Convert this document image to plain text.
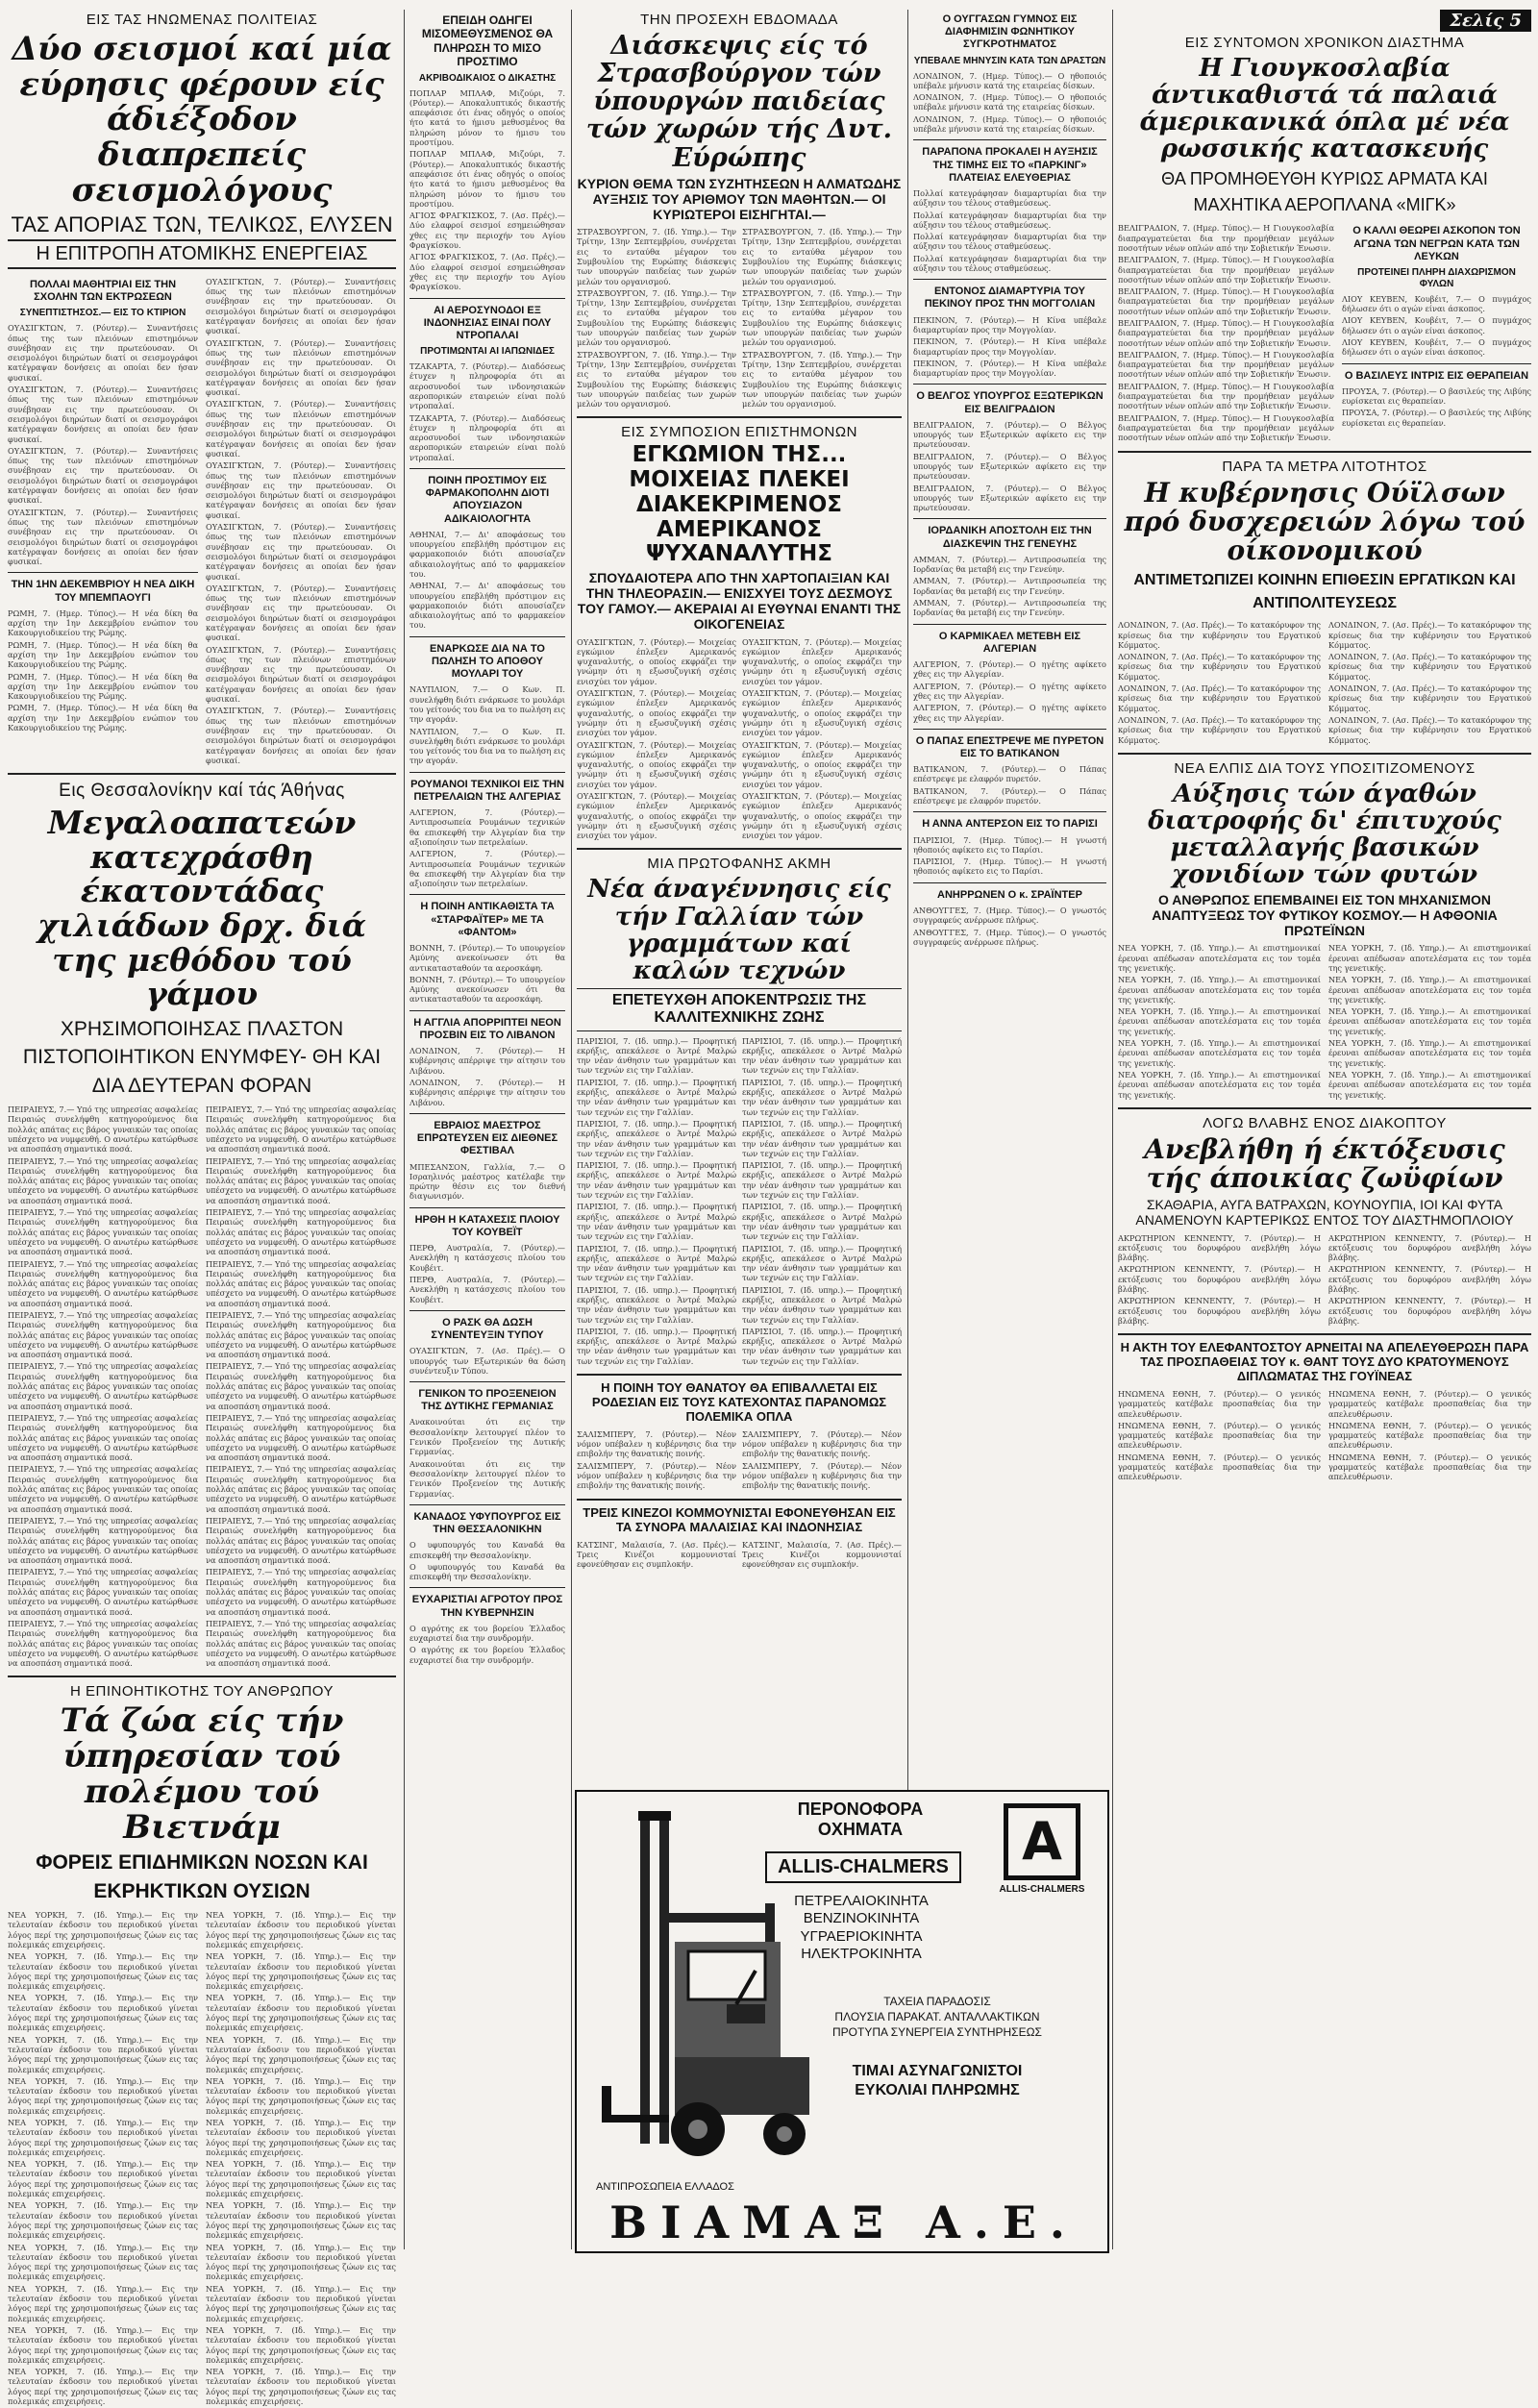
ΕΙΣ ΤΑΣ ΗΝΩΜΕΝΑΣ ΠΟΛΙΤΕΙΑΣ
Δύο σεισμοί καί μία εύρησις φέρουν είς άδιέξοδον διαπρεπείς σεισμολόγους
ΤΑΣ ΑΠΟΡΙΑΣ ΤΩΝ, ΤΕΛΙΚΩΣ, ΕΛΥΣΕΝ
Η ΕΠΙΤΡΟΠΗ ΑΤΟΜΙΚΗΣ ΕΝΕΡΓΕΙΑΣ
ΠΟΛΛΑΙ ΜΑΘΗΤΡΙΑΙ ΕΙΣ ΤΗΝ ΣΧΟΛΗΝ ΤΩΝ ΕΚΤΡΩΣΕΩΝ
ΣΥΝΕΠΤΙΣΤΗΣΟΣ.— ΕΙΣ ΤΟ ΚΤΙΡΙΟΝ
ΟΥΑΣΙΓΚΤΩΝ, 7. (Ρόυτερ).— Συναντήσεις όπως της των πλειόνων επιστημόνων συνέβησαν εις την πρωτεύουσαν. Οι σεισμολόγοι διηρώτων διατί οι σεισμογράφοι κατέγραψαν δονήσεις αι οποίαι δεν ήσαν φυσικαί.
ΟΥΑΣΙΓΚΤΩΝ, 7. (Ρόυτερ).— Συναντήσεις όπως της των πλειόνων επιστημόνων συνέβησαν εις την πρωτεύουσαν. Οι σεισμολόγοι διηρώτων διατί οι σεισμογράφοι κατέγραψαν δονήσεις αι οποίαι δεν ήσαν φυσικαί.
ΟΥΑΣΙΓΚΤΩΝ, 7. (Ρόυτερ).— Συναντήσεις όπως της των πλειόνων επιστημόνων συνέβησαν εις την πρωτεύουσαν. Οι σεισμολόγοι διηρώτων διατί οι σεισμογράφοι κατέγραψαν δονήσεις αι οποίαι δεν ήσαν φυσικαί.
ΟΥΑΣΙΓΚΤΩΝ, 7. (Ρόυτερ).— Συναντήσεις όπως της των πλειόνων επιστημόνων συνέβησαν εις την πρωτεύουσαν. Οι σεισμολόγοι διηρώτων διατί οι σεισμογράφοι κατέγραψαν δονήσεις αι οποίαι δεν ήσαν φυσικαί.
ΤΗΝ 1ΗΝ ΔΕΚΕΜΒΡΙΟΥ Η ΝΕΑ ΔΙΚΗ ΤΟΥ ΜΠΕΜΠΑΟΥΓΙ
ΡΩΜΗ, 7. (Ημερ. Τύπος).— Η νέα δίκη θα αρχίση την 1ην Δεκεμβρίου ενώπιον του Κακουργιοδικείου της Ρώμης.
ΡΩΜΗ, 7. (Ημερ. Τύπος).— Η νέα δίκη θα αρχίση την 1ην Δεκεμβρίου ενώπιον του Κακουργιοδικείου της Ρώμης.
ΡΩΜΗ, 7. (Ημερ. Τύπος).— Η νέα δίκη θα αρχίση την 1ην Δεκεμβρίου ενώπιον του Κακουργιοδικείου της Ρώμης.
ΡΩΜΗ, 7. (Ημερ. Τύπος).— Η νέα δίκη θα αρχίση την 1ην Δεκεμβρίου ενώπιον του Κακουργιοδικείου της Ρώμης.
ΟΥΑΣΙΓΚΤΩΝ, 7. (Ρόυτερ).— Συναντήσεις όπως της των πλειόνων επιστημόνων συνέβησαν εις την πρωτεύουσαν. Οι σεισμολόγοι διηρώτων διατί οι σεισμογράφοι κατέγραψαν δονήσεις αι οποίαι δεν ήσαν φυσικαί.
ΟΥΑΣΙΓΚΤΩΝ, 7. (Ρόυτερ).— Συναντήσεις όπως της των πλειόνων επιστημόνων συνέβησαν εις την πρωτεύουσαν. Οι σεισμολόγοι διηρώτων διατί οι σεισμογράφοι κατέγραψαν δονήσεις αι οποίαι δεν ήσαν φυσικαί.
ΟΥΑΣΙΓΚΤΩΝ, 7. (Ρόυτερ).— Συναντήσεις όπως της των πλειόνων επιστημόνων συνέβησαν εις την πρωτεύουσαν. Οι σεισμολόγοι διηρώτων διατί οι σεισμογράφοι κατέγραψαν δονήσεις αι οποίαι δεν ήσαν φυσικαί.
ΟΥΑΣΙΓΚΤΩΝ, 7. (Ρόυτερ).— Συναντήσεις όπως της των πλειόνων επιστημόνων συνέβησαν εις την πρωτεύουσαν. Οι σεισμολόγοι διηρώτων διατί οι σεισμογράφοι κατέγραψαν δονήσεις αι οποίαι δεν ήσαν φυσικαί.
ΟΥΑΣΙΓΚΤΩΝ, 7. (Ρόυτερ).— Συναντήσεις όπως της των πλειόνων επιστημόνων συνέβησαν εις την πρωτεύουσαν. Οι σεισμολόγοι διηρώτων διατί οι σεισμογράφοι κατέγραψαν δονήσεις αι οποίαι δεν ήσαν φυσικαί.
ΟΥΑΣΙΓΚΤΩΝ, 7. (Ρόυτερ).— Συναντήσεις όπως της των πλειόνων επιστημόνων συνέβησαν εις την πρωτεύουσαν. Οι σεισμολόγοι διηρώτων διατί οι σεισμογράφοι κατέγραψαν δονήσεις αι οποίαι δεν ήσαν φυσικαί.
ΟΥΑΣΙΓΚΤΩΝ, 7. (Ρόυτερ).— Συναντήσεις όπως της των πλειόνων επιστημόνων συνέβησαν εις την πρωτεύουσαν. Οι σεισμολόγοι διηρώτων διατί οι σεισμογράφοι κατέγραψαν δονήσεις αι οποίαι δεν ήσαν φυσικαί.
ΟΥΑΣΙΓΚΤΩΝ, 7. (Ρόυτερ).— Συναντήσεις όπως της των πλειόνων επιστημόνων συνέβησαν εις την πρωτεύουσαν. Οι σεισμολόγοι διηρώτων διατί οι σεισμογράφοι κατέγραψαν δονήσεις αι οποίαι δεν ήσαν φυσικαί.
Εις Θεσσαλονίκην καί τάς Άθήνας
Μεγαλοαπατεών κατεχράσθη έκατοντάδας χιλιάδων δρχ. διά της μεθόδου τού γάμου
ΧΡΗΣΙΜΟΠΟΙΗΣΑΣ ΠΛΑΣΤΟΝ ΠΙΣΤΟΠΟΙΗΤΙΚΟΝ ΕΝΥΜΦΕΥ- ΘΗ ΚΑΙ ΔΙΑ ΔΕΥΤΕΡΑΝ ΦΟΡΑΝ
ΠΕΙΡΑΙΕΥΣ, 7.— Υπό της υπηρεσίας ασφαλείας Πειραιώς συνελήφθη κατηγορούμενος δια πολλάς απάτας εις βάρος γυναικών τας οποίας υπέσχετο να νυμφευθή. Ο ανωτέρω κατώρθωσε να αποσπάση σημαντικά ποσά.
ΠΕΙΡΑΙΕΥΣ, 7.— Υπό της υπηρεσίας ασφαλείας Πειραιώς συνελήφθη κατηγορούμενος δια πολλάς απάτας εις βάρος γυναικών τας οποίας υπέσχετο να νυμφευθή. Ο ανωτέρω κατώρθωσε να αποσπάση σημαντικά ποσά.
ΠΕΙΡΑΙΕΥΣ, 7.— Υπό της υπηρεσίας ασφαλείας Πειραιώς συνελήφθη κατηγορούμενος δια πολλάς απάτας εις βάρος γυναικών τας οποίας υπέσχετο να νυμφευθή. Ο ανωτέρω κατώρθωσε να αποσπάση σημαντικά ποσά.
ΠΕΙΡΑΙΕΥΣ, 7.— Υπό της υπηρεσίας ασφαλείας Πειραιώς συνελήφθη κατηγορούμενος δια πολλάς απάτας εις βάρος γυναικών τας οποίας υπέσχετο να νυμφευθή. Ο ανωτέρω κατώρθωσε να αποσπάση σημαντικά ποσά.
ΠΕΙΡΑΙΕΥΣ, 7.— Υπό της υπηρεσίας ασφαλείας Πειραιώς συνελήφθη κατηγορούμενος δια πολλάς απάτας εις βάρος γυναικών τας οποίας υπέσχετο να νυμφευθή. Ο ανωτέρω κατώρθωσε να αποσπάση σημαντικά ποσά.
ΠΕΙΡΑΙΕΥΣ, 7.— Υπό της υπηρεσίας ασφαλείας Πειραιώς συνελήφθη κατηγορούμενος δια πολλάς απάτας εις βάρος γυναικών τας οποίας υπέσχετο να νυμφευθή. Ο ανωτέρω κατώρθωσε να αποσπάση σημαντικά ποσά.
ΠΕΙΡΑΙΕΥΣ, 7.— Υπό της υπηρεσίας ασφαλείας Πειραιώς συνελήφθη κατηγορούμενος δια πολλάς απάτας εις βάρος γυναικών τας οποίας υπέσχετο να νυμφευθή. Ο ανωτέρω κατώρθωσε να αποσπάση σημαντικά ποσά.
ΠΕΙΡΑΙΕΥΣ, 7.— Υπό της υπηρεσίας ασφαλείας Πειραιώς συνελήφθη κατηγορούμενος δια πολλάς απάτας εις βάρος γυναικών τας οποίας υπέσχετο να νυμφευθή. Ο ανωτέρω κατώρθωσε να αποσπάση σημαντικά ποσά.
ΠΕΙΡΑΙΕΥΣ, 7.— Υπό της υπηρεσίας ασφαλείας Πειραιώς συνελήφθη κατηγορούμενος δια πολλάς απάτας εις βάρος γυναικών τας οποίας υπέσχετο να νυμφευθή. Ο ανωτέρω κατώρθωσε να αποσπάση σημαντικά ποσά.
ΠΕΙΡΑΙΕΥΣ, 7.— Υπό της υπηρεσίας ασφαλείας Πειραιώς συνελήφθη κατηγορούμενος δια πολλάς απάτας εις βάρος γυναικών τας οποίας υπέσχετο να νυμφευθή. Ο ανωτέρω κατώρθωσε να αποσπάση σημαντικά ποσά.
ΠΕΙΡΑΙΕΥΣ, 7.— Υπό της υπηρεσίας ασφαλείας Πειραιώς συνελήφθη κατηγορούμενος δια πολλάς απάτας εις βάρος γυναικών τας οποίας υπέσχετο να νυμφευθή. Ο ανωτέρω κατώρθωσε να αποσπάση σημαντικά ποσά.
ΠΕΙΡΑΙΕΥΣ, 7.— Υπό της υπηρεσίας ασφαλείας Πειραιώς συνελήφθη κατηγορούμενος δια πολλάς απάτας εις βάρος γυναικών τας οποίας υπέσχετο να νυμφευθή. Ο ανωτέρω κατώρθωσε να αποσπάση σημαντικά ποσά.
ΠΕΙΡΑΙΕΥΣ, 7.— Υπό της υπηρεσίας ασφαλείας Πειραιώς συνελήφθη κατηγορούμενος δια πολλάς απάτας εις βάρος γυναικών τας οποίας υπέσχετο να νυμφευθή. Ο ανωτέρω κατώρθωσε να αποσπάση σημαντικά ποσά.
ΠΕΙΡΑΙΕΥΣ, 7.— Υπό της υπηρεσίας ασφαλείας Πειραιώς συνελήφθη κατηγορούμενος δια πολλάς απάτας εις βάρος γυναικών τας οποίας υπέσχετο να νυμφευθή. Ο ανωτέρω κατώρθωσε να αποσπάση σημαντικά ποσά.
ΠΕΙΡΑΙΕΥΣ, 7.— Υπό της υπηρεσίας ασφαλείας Πειραιώς συνελήφθη κατηγορούμενος δια πολλάς απάτας εις βάρος γυναικών τας οποίας υπέσχετο να νυμφευθή. Ο ανωτέρω κατώρθωσε να αποσπάση σημαντικά ποσά.
ΠΕΙΡΑΙΕΥΣ, 7.— Υπό της υπηρεσίας ασφαλείας Πειραιώς συνελήφθη κατηγορούμενος δια πολλάς απάτας εις βάρος γυναικών τας οποίας υπέσχετο να νυμφευθή. Ο ανωτέρω κατώρθωσε να αποσπάση σημαντικά ποσά.
ΠΕΙΡΑΙΕΥΣ, 7.— Υπό της υπηρεσίας ασφαλείας Πειραιώς συνελήφθη κατηγορούμενος δια πολλάς απάτας εις βάρος γυναικών τας οποίας υπέσχετο να νυμφευθή. Ο ανωτέρω κατώρθωσε να αποσπάση σημαντικά ποσά.
ΠΕΙΡΑΙΕΥΣ, 7.— Υπό της υπηρεσίας ασφαλείας Πειραιώς συνελήφθη κατηγορούμενος δια πολλάς απάτας εις βάρος γυναικών τας οποίας υπέσχετο να νυμφευθή. Ο ανωτέρω κατώρθωσε να αποσπάση σημαντικά ποσά.
ΠΕΙΡΑΙΕΥΣ, 7.— Υπό της υπηρεσίας ασφαλείας Πειραιώς συνελήφθη κατηγορούμενος δια πολλάς απάτας εις βάρος γυναικών τας οποίας υπέσχετο να νυμφευθή. Ο ανωτέρω κατώρθωσε να αποσπάση σημαντικά ποσά.
ΠΕΙΡΑΙΕΥΣ, 7.— Υπό της υπηρεσίας ασφαλείας Πειραιώς συνελήφθη κατηγορούμενος δια πολλάς απάτας εις βάρος γυναικών τας οποίας υπέσχετο να νυμφευθή. Ο ανωτέρω κατώρθωσε να αποσπάση σημαντικά ποσά.
ΠΕΙΡΑΙΕΥΣ, 7.— Υπό της υπηρεσίας ασφαλείας Πειραιώς συνελήφθη κατηγορούμενος δια πολλάς απάτας εις βάρος γυναικών τας οποίας υπέσχετο να νυμφευθή. Ο ανωτέρω κατώρθωσε να αποσπάση σημαντικά ποσά.
ΠΕΙΡΑΙΕΥΣ, 7.— Υπό της υπηρεσίας ασφαλείας Πειραιώς συνελήφθη κατηγορούμενος δια πολλάς απάτας εις βάρος γυναικών τας οποίας υπέσχετο να νυμφευθή. Ο ανωτέρω κατώρθωσε να αποσπάση σημαντικά ποσά.
Η ΕΠΙΝΟΗΤΙΚΟΤΗΣ ΤΟΥ ΑΝΘΡΩΠΟΥ
Τά ζώα είς τήν ύπηρεσίαν τού πολέμου τού Βιετνάμ
ΦΟΡΕΙΣ ΕΠΙΔΗΜΙΚΩΝ ΝΟΣΩΝ ΚΑΙ ΕΚΡΗΚΤΙΚΩΝ ΟΥΣΙΩΝ
ΝΕΑ ΥΟΡΚΗ, 7. (Ιδ. Υπηρ.).— Εις την τελευταίαν έκδοσιν του περιοδικού γίνεται λόγος περί της χρησιμοποιήσεως ζώων εις τας πολεμικάς επιχειρήσεις.
ΝΕΑ ΥΟΡΚΗ, 7. (Ιδ. Υπηρ.).— Εις την τελευταίαν έκδοσιν του περιοδικού γίνεται λόγος περί της χρησιμοποιήσεως ζώων εις τας πολεμικάς επιχειρήσεις.
ΝΕΑ ΥΟΡΚΗ, 7. (Ιδ. Υπηρ.).— Εις την τελευταίαν έκδοσιν του περιοδικού γίνεται λόγος περί της χρησιμοποιήσεως ζώων εις τας πολεμικάς επιχειρήσεις.
ΝΕΑ ΥΟΡΚΗ, 7. (Ιδ. Υπηρ.).— Εις την τελευταίαν έκδοσιν του περιοδικού γίνεται λόγος περί της χρησιμοποιήσεως ζώων εις τας πολεμικάς επιχειρήσεις.
ΝΕΑ ΥΟΡΚΗ, 7. (Ιδ. Υπηρ.).— Εις την τελευταίαν έκδοσιν του περιοδικού γίνεται λόγος περί της χρησιμοποιήσεως ζώων εις τας πολεμικάς επιχειρήσεις.
ΝΕΑ ΥΟΡΚΗ, 7. (Ιδ. Υπηρ.).— Εις την τελευταίαν έκδοσιν του περιοδικού γίνεται λόγος περί της χρησιμοποιήσεως ζώων εις τας πολεμικάς επιχειρήσεις.
ΝΕΑ ΥΟΡΚΗ, 7. (Ιδ. Υπηρ.).— Εις την τελευταίαν έκδοσιν του περιοδικού γίνεται λόγος περί της χρησιμοποιήσεως ζώων εις τας πολεμικάς επιχειρήσεις.
ΝΕΑ ΥΟΡΚΗ, 7. (Ιδ. Υπηρ.).— Εις την τελευταίαν έκδοσιν του περιοδικού γίνεται λόγος περί της χρησιμοποιήσεως ζώων εις τας πολεμικάς επιχειρήσεις.
ΝΕΑ ΥΟΡΚΗ, 7. (Ιδ. Υπηρ.).— Εις την τελευταίαν έκδοσιν του περιοδικού γίνεται λόγος περί της χρησιμοποιήσεως ζώων εις τας πολεμικάς επιχειρήσεις.
ΝΕΑ ΥΟΡΚΗ, 7. (Ιδ. Υπηρ.).— Εις την τελευταίαν έκδοσιν του περιοδικού γίνεται λόγος περί της χρησιμοποιήσεως ζώων εις τας πολεμικάς επιχειρήσεις.
ΝΕΑ ΥΟΡΚΗ, 7. (Ιδ. Υπηρ.).— Εις την τελευταίαν έκδοσιν του περιοδικού γίνεται λόγος περί της χρησιμοποιήσεως ζώων εις τας πολεμικάς επιχειρήσεις.
ΝΕΑ ΥΟΡΚΗ, 7. (Ιδ. Υπηρ.).— Εις την τελευταίαν έκδοσιν του περιοδικού γίνεται λόγος περί της χρησιμοποιήσεως ζώων εις τας πολεμικάς επιχειρήσεις.
ΝΕΑ ΥΟΡΚΗ, 7. (Ιδ. Υπηρ.).— Εις την τελευταίαν έκδοσιν του περιοδικού γίνεται λόγος περί της χρησιμοποιήσεως ζώων εις τας πολεμικάς επιχειρήσεις.
ΝΕΑ ΥΟΡΚΗ, 7. (Ιδ. Υπηρ.).— Εις την τελευταίαν έκδοσιν του περιοδικού γίνεται λόγος περί της χρησιμοποιήσεως ζώων εις τας πολεμικάς επιχειρήσεις.
ΝΕΑ ΥΟΡΚΗ, 7. (Ιδ. Υπηρ.).— Εις την τελευταίαν έκδοσιν του περιοδικού γίνεται λόγος περί της χρησιμοποιήσεως ζώων εις τας πολεμικάς επιχειρήσεις.
ΝΕΑ ΥΟΡΚΗ, 7. (Ιδ. Υπηρ.).— Εις την τελευταίαν έκδοσιν του περιοδικού γίνεται λόγος περί της χρησιμοποιήσεως ζώων εις τας πολεμικάς επιχειρήσεις.
ΝΕΑ ΥΟΡΚΗ, 7. (Ιδ. Υπηρ.).— Εις την τελευταίαν έκδοσιν του περιοδικού γίνεται λόγος περί της χρησιμοποιήσεως ζώων εις τας πολεμικάς επιχειρήσεις.
ΝΕΑ ΥΟΡΚΗ, 7. (Ιδ. Υπηρ.).— Εις την τελευταίαν έκδοσιν του περιοδικού γίνεται λόγος περί της χρησιμοποιήσεως ζώων εις τας πολεμικάς επιχειρήσεις.
ΝΕΑ ΥΟΡΚΗ, 7. (Ιδ. Υπηρ.).— Εις την τελευταίαν έκδοσιν του περιοδικού γίνεται λόγος περί της χρησιμοποιήσεως ζώων εις τας πολεμικάς επιχειρήσεις.
ΝΕΑ ΥΟΡΚΗ, 7. (Ιδ. Υπηρ.).— Εις την τελευταίαν έκδοσιν του περιοδικού γίνεται λόγος περί της χρησιμοποιήσεως ζώων εις τας πολεμικάς επιχειρήσεις.
ΝΕΑ ΥΟΡΚΗ, 7. (Ιδ. Υπηρ.).— Εις την τελευταίαν έκδοσιν του περιοδικού γίνεται λόγος περί της χρησιμοποιήσεως ζώων εις τας πολεμικάς επιχειρήσεις.
ΝΕΑ ΥΟΡΚΗ, 7. (Ιδ. Υπηρ.).— Εις την τελευταίαν έκδοσιν του περιοδικού γίνεται λόγος περί της χρησιμοποιήσεως ζώων εις τας πολεμικάς επιχειρήσεις.
ΝΕΑ ΥΟΡΚΗ, 7. (Ιδ. Υπηρ.).— Εις την τελευταίαν έκδοσιν του περιοδικού γίνεται λόγος περί της χρησιμοποιήσεως ζώων εις τας πολεμικάς επιχειρήσεις.
ΝΕΑ ΥΟΡΚΗ, 7. (Ιδ. Υπηρ.).— Εις την τελευταίαν έκδοσιν του περιοδικού γίνεται λόγος περί της χρησιμοποιήσεως ζώων εις τας πολεμικάς επιχειρήσεις.
ΕΠΕΙΔΗ ΟΔΗΓΕΙ ΜΙΣΟΜΕΘΥΣΜΕΝΟΣ ΘΑ ΠΛΗΡΩΣΗ ΤΟ ΜΙΣΟ ΠΡΟΣΤΙΜΟ
ΑΚΡΙΒΟΔΙΚΑΙΟΣ Ο ΔΙΚΑΣΤΗΣ
ΠΟΠΛΑΡ ΜΠΛΑΦ, Μιζούρι, 7. (Ρόυτερ).— Αποκαλυπτικός δικαστής απεφάσισε ότι ένας οδηγός ο οποίος ήτο κατά το ήμισυ μεθυσμένος θα πληρώση μόνον το ήμισυ του προστίμου.
ΠΟΠΛΑΡ ΜΠΛΑΦ, Μιζούρι, 7. (Ρόυτερ).— Αποκαλυπτικός δικαστής απεφάσισε ότι ένας οδηγός ο οποίος ήτο κατά το ήμισυ μεθυσμένος θα πληρώση μόνον το ήμισυ του προστίμου.
ΑΓΙΟΣ ΦΡΑΓΚΙΣΚΟΣ, 7. (Ασ. Πρές).— Δύο ελαφροί σεισμοί εσημειώθησαν χθες εις την περιοχήν του Αγίου Φραγκίσκου.
ΑΓΙΟΣ ΦΡΑΓΚΙΣΚΟΣ, 7. (Ασ. Πρές).— Δύο ελαφροί σεισμοί εσημειώθησαν χθες εις την περιοχήν του Αγίου Φραγκίσκου.
ΑΙ ΑΕΡΟΣΥΝΟΔΟΙ ΕΞ ΙΝΔΟΝΗΣΙΑΣ ΕΙΝΑΙ ΠΟΛΥ ΝΤΡΟΠΑΛΑΙ
ΠΡΟΤΙΜΩΝΤΑΙ ΑΙ ΙΑΠΩΝΙΔΕΣ
ΤΖΑΚΑΡΤΑ, 7. (Ρόυτερ).— Διαδόσεως έτυχεν η πληροφορία ότι αι αεροσυνοδοί των ινδονησιακών αεροπορικών εταιρειών είναι πολύ ντροπαλαί.
ΤΖΑΚΑΡΤΑ, 7. (Ρόυτερ).— Διαδόσεως έτυχεν η πληροφορία ότι αι αεροσυνοδοί των ινδονησιακών αεροπορικών εταιρειών είναι πολύ ντροπαλαί.
ΠΟΙΝΗ ΠΡΟΣΤΙΜΟΥ ΕΙΣ ΦΑΡΜΑΚΟΠΟΛΗΝ ΔΙΟΤΙ ΑΠΟΥΣΙΑΖΟΝ ΑΔΙΚΑΙΟΛΟΓΗΤΑ
ΑΘΗΝΑΙ, 7.— Δι' αποφάσεως του υπουργείου επεβλήθη πρόστιμον εις φαρμακοποιόν διότι απουσίαζεν αδικαιολογήτως από το φαρμακείον του.
ΑΘΗΝΑΙ, 7.— Δι' αποφάσεως του υπουργείου επεβλήθη πρόστιμον εις φαρμακοποιόν διότι απουσίαζεν αδικαιολογήτως από το φαρμακείον του.
ΕΝΑΡΚΩΣΕ ΔΙΑ ΝΑ ΤΟ ΠΩΛΗΣΗ ΤΟ ΑΠΟΘΟΥ ΜΟΥΛΑΡΙ ΤΟΥ
ΝΑΥΠΛΙΟΝ, 7.— Ο Κων. Π. συνελήφθη διότι ενάρκωσε το μουλάρι του γείτονός του δια να το πωλήση εις την αγοράν.
ΝΑΥΠΛΙΟΝ, 7.— Ο Κων. Π. συνελήφθη διότι ενάρκωσε το μουλάρι του γείτονός του δια να το πωλήση εις την αγοράν.
ΡΟΥΜΑΝΟΙ ΤΕΧΝΙΚΟΙ ΕΙΣ ΤΗΝ ΠΕΤΡΕΛΑΙΩΝ ΤΗΣ ΑΛΓΕΡΙΑΣ
ΑΛΓΕΡΙΟΝ, 7. (Ρόυτερ).— Αντιπροσωπεία Ρουμάνων τεχνικών θα επισκεφθή την Αλγερίαν δια την αξιοποίησιν των πετρελαίων.
ΑΛΓΕΡΙΟΝ, 7. (Ρόυτερ).— Αντιπροσωπεία Ρουμάνων τεχνικών θα επισκεφθή την Αλγερίαν δια την αξιοποίησιν των πετρελαίων.
Η ΠΟΙΝΗ ΑΝΤΙΚΑΘΙΣΤΑ ΤΑ «ΣΤΑΡΦΑΪΤΕΡ» ΜΕ ΤΑ «ΦΑΝΤΟΜ»
ΒΟΝΝΗ, 7. (Ρόυτερ).— Το υπουργείον Αμύνης ανεκοίνωσεν ότι θα αντικατασταθούν τα αεροσκάφη.
ΒΟΝΝΗ, 7. (Ρόυτερ).— Το υπουργείον Αμύνης ανεκοίνωσεν ότι θα αντικατασταθούν τα αεροσκάφη.
Η ΑΓΓΛΙΑ ΑΠΟΡΡΙΠΤΕΙ ΝΕΟΝ ΠΡΟΣΒΙΝ ΕΙΣ ΤΟ ΛΙΒΑΝΟΝ
ΛΟΝΔΙΝΟΝ, 7. (Ρόυτερ).— Η κυβέρνησις απέρριψε την αίτησιν του Λιβάνου.
ΛΟΝΔΙΝΟΝ, 7. (Ρόυτερ).— Η κυβέρνησις απέρριψε την αίτησιν του Λιβάνου.
ΕΒΡΑΙΟΣ ΜΑΕΣΤΡΟΣ ΕΠΡΩΤΕΥΣΕΝ ΕΙΣ ΔΙΕΘΝΕΣ ΦΕΣΤΙΒΑΛ
ΜΠΕΣΑΝΣΟΝ, Γαλλία, 7.— Ο Ισραηλινός μαέστρος κατέλαβε την πρώτην θέσιν εις τον διεθνή διαγωνισμόν.
ΗΡΘΗ Η ΚΑΤΑΧΕΣΙΣ ΠΛΟΙΟΥ ΤΟΥ ΚΟΥΒΕΪΤ
ΠΕΡΘ, Αυστραλία, 7. (Ρόυτερ).— Ανεκλήθη η κατάσχεσις πλοίου του Κουβέιτ.
ΠΕΡΘ, Αυστραλία, 7. (Ρόυτερ).— Ανεκλήθη η κατάσχεσις πλοίου του Κουβέιτ.
Ο ΡΑΣΚ ΘΑ ΔΩΣΗ ΣΥΝΕΝΤΕΥΞΙΝ ΤΥΠΟΥ
ΟΥΑΣΙΓΚΤΩΝ, 7. (Ασ. Πρές).— Ο υπουργός των Εξωτερικών θα δώση συνέντευξιν Τύπου.
ΓΕΝΙΚΟΝ ΤΟ ΠΡΟΞΕΝΕΙΟΝ ΤΗΣ ΔΥΤΙΚΗΣ ΓΕΡΜΑΝΙΑΣ
Ανακοινούται ότι εις την Θεσσαλονίκην λειτουργεί πλέον το Γενικόν Προξενείον της Δυτικής Γερμανίας.
Ανακοινούται ότι εις την Θεσσαλονίκην λειτουργεί πλέον το Γενικόν Προξενείον της Δυτικής Γερμανίας.
ΚΑΝΑΔΟΣ ΥΦΥΠΟΥΡΓΟΣ ΕΙΣ ΤΗΝ ΘΕΣΣΑΛΟΝΙΚΗΝ
Ο υφυπουργός του Καναδά θα επισκεφθή την Θεσσαλονίκην.
Ο υφυπουργός του Καναδά θα επισκεφθή την Θεσσαλονίκην.
ΕΥΧΑΡΙΣΤΙΑΙ ΑΓΡΟΤΟΥ ΠΡΟΣ ΤΗΝ ΚΥΒΕΡΝΗΣΙΝ
Ο αγρότης εκ του βορείου Έλλαδος ευχαριστεί δια την συνδρομήν.
Ο αγρότης εκ του βορείου Έλλαδος ευχαριστεί δια την συνδρομήν.
ΤΗΝ ΠΡΟΣΕΧΗ ΕΒΔΟΜΑΔΑ
Διάσκεψις είς τό Στρασβούργον τών ύπουργών παιδείας τών χωρών τής Δυτ. Εύρώπης
ΚΥΡΙΟΝ ΘΕΜΑ ΤΩΝ ΣΥΖΗΤΗΣΕΩΝ Η ΑΛΜΑΤΩΔΗΣ ΑΥΞΗΣΙΣ ΤΟΥ ΑΡΙΘΜΟΥ ΤΩΝ ΜΑΘΗΤΩΝ.— ΟΙ ΚΥΡΙΩΤΕΡΟΙ ΕΙΣΗΓΗΤΑΙ.—
ΣΤΡΑΣΒΟΥΡΓΟΝ, 7. (Ιδ. Υπηρ.).— Την Τρίτην, 13ην Σεπτεμβρίου, συνέρχεται εις το ενταύθα μέγαρον του Συμβουλίου της Ευρώπης διάσκεψις των υπουργών παιδείας των χωρών μελών του οργανισμού.
ΣΤΡΑΣΒΟΥΡΓΟΝ, 7. (Ιδ. Υπηρ.).— Την Τρίτην, 13ην Σεπτεμβρίου, συνέρχεται εις το ενταύθα μέγαρον του Συμβουλίου της Ευρώπης διάσκεψις των υπουργών παιδείας των χωρών μελών του οργανισμού.
ΣΤΡΑΣΒΟΥΡΓΟΝ, 7. (Ιδ. Υπηρ.).— Την Τρίτην, 13ην Σεπτεμβρίου, συνέρχεται εις το ενταύθα μέγαρον του Συμβουλίου της Ευρώπης διάσκεψις των υπουργών παιδείας των χωρών μελών του οργανισμού.
ΣΤΡΑΣΒΟΥΡΓΟΝ, 7. (Ιδ. Υπηρ.).— Την Τρίτην, 13ην Σεπτεμβρίου, συνέρχεται εις το ενταύθα μέγαρον του Συμβουλίου της Ευρώπης διάσκεψις των υπουργών παιδείας των χωρών μελών του οργανισμού.
ΣΤΡΑΣΒΟΥΡΓΟΝ, 7. (Ιδ. Υπηρ.).— Την Τρίτην, 13ην Σεπτεμβρίου, συνέρχεται εις το ενταύθα μέγαρον του Συμβουλίου της Ευρώπης διάσκεψις των υπουργών παιδείας των χωρών μελών του οργανισμού.
ΣΤΡΑΣΒΟΥΡΓΟΝ, 7. (Ιδ. Υπηρ.).— Την Τρίτην, 13ην Σεπτεμβρίου, συνέρχεται εις το ενταύθα μέγαρον του Συμβουλίου της Ευρώπης διάσκεψις των υπουργών παιδείας των χωρών μελών του οργανισμού.
ΕΙΣ ΣΥΜΠΟΣΙΟΝ ΕΠΙΣΤΗΜΟΝΩΝ
ΕΓΚΩΜΙΟΝ ΤΗΣ... ΜΟΙΧΕΙΑΣ ΠΛΕΚΕΙ ΔΙΑΚΕΚΡΙΜΕΝΟΣ ΑΜΕΡΙΚΑΝΟΣ ΨΥΧΑΝΑΛΥΤΗΣ
ΣΠΟΥΔΑΙΟΤΕΡΑ ΑΠΟ ΤΗΝ ΧΑΡΤΟΠΑΙΞΙΑΝ ΚΑΙ ΤΗΝ ΤΗΛΕΟΡΑΣΙΝ.— ΕΝΙΣΧΥΕΙ ΤΟΥΣ ΔΕΣΜΟΥΣ ΤΟΥ ΓΑΜΟΥ.— ΑΚΕΡΑΙΑΙ ΑΙ ΕΥΘΥΝΑΙ ΕΝΑΝΤΙ ΤΗΣ ΟΙΚΟΓΕΝΕΙΑΣ
ΟΥΑΣΙΓΚΤΩΝ, 7. (Ρόυτερ).— Μοιχείας εγκώμιον έπλεξεν Αμερικανός ψυχαναλυτής, ο οποίος εκφράζει την γνώμην ότι η εξωσυζυγική σχέσις ενισχύει τον γάμον.
ΟΥΑΣΙΓΚΤΩΝ, 7. (Ρόυτερ).— Μοιχείας εγκώμιον έπλεξεν Αμερικανός ψυχαναλυτής, ο οποίος εκφράζει την γνώμην ότι η εξωσυζυγική σχέσις ενισχύει τον γάμον.
ΟΥΑΣΙΓΚΤΩΝ, 7. (Ρόυτερ).— Μοιχείας εγκώμιον έπλεξεν Αμερικανός ψυχαναλυτής, ο οποίος εκφράζει την γνώμην ότι η εξωσυζυγική σχέσις ενισχύει τον γάμον.
ΟΥΑΣΙΓΚΤΩΝ, 7. (Ρόυτερ).— Μοιχείας εγκώμιον έπλεξεν Αμερικανός ψυχαναλυτής, ο οποίος εκφράζει την γνώμην ότι η εξωσυζυγική σχέσις ενισχύει τον γάμον.
ΟΥΑΣΙΓΚΤΩΝ, 7. (Ρόυτερ).— Μοιχείας εγκώμιον έπλεξεν Αμερικανός ψυχαναλυτής, ο οποίος εκφράζει την γνώμην ότι η εξωσυζυγική σχέσις ενισχύει τον γάμον.
ΟΥΑΣΙΓΚΤΩΝ, 7. (Ρόυτερ).— Μοιχείας εγκώμιον έπλεξεν Αμερικανός ψυχαναλυτής, ο οποίος εκφράζει την γνώμην ότι η εξωσυζυγική σχέσις ενισχύει τον γάμον.
ΟΥΑΣΙΓΚΤΩΝ, 7. (Ρόυτερ).— Μοιχείας εγκώμιον έπλεξεν Αμερικανός ψυχαναλυτής, ο οποίος εκφράζει την γνώμην ότι η εξωσυζυγική σχέσις ενισχύει τον γάμον.
ΟΥΑΣΙΓΚΤΩΝ, 7. (Ρόυτερ).— Μοιχείας εγκώμιον έπλεξεν Αμερικανός ψυχαναλυτής, ο οποίος εκφράζει την γνώμην ότι η εξωσυζυγική σχέσις ενισχύει τον γάμον.
ΜΙΑ ΠΡΩΤΟΦΑΝΗΣ ΑΚΜΗ
Νέα άναγέννησις είς τήν Γαλλίαν τών γραμμάτων καί καλών τεχνών
ΕΠΕΤΕΥΧΘΗ ΑΠΟΚΕΝΤΡΩΣΙΣ ΤΗΣ ΚΑΛΛΙΤΕΧΝΙΚΗΣ ΖΩΗΣ
ΠΑΡΙΣΙΟΙ, 7. (Ιδ. υπηρ.).— Προφητική εκρήξις, απεκάλεσε ο Άντρέ Μαλρώ την νέαν άνθησιν των γραμμάτων και των τεχνών εις την Γαλλίαν.
ΠΑΡΙΣΙΟΙ, 7. (Ιδ. υπηρ.).— Προφητική εκρήξις, απεκάλεσε ο Άντρέ Μαλρώ την νέαν άνθησιν των γραμμάτων και των τεχνών εις την Γαλλίαν.
ΠΑΡΙΣΙΟΙ, 7. (Ιδ. υπηρ.).— Προφητική εκρήξις, απεκάλεσε ο Άντρέ Μαλρώ την νέαν άνθησιν των γραμμάτων και των τεχνών εις την Γαλλίαν.
ΠΑΡΙΣΙΟΙ, 7. (Ιδ. υπηρ.).— Προφητική εκρήξις, απεκάλεσε ο Άντρέ Μαλρώ την νέαν άνθησιν των γραμμάτων και των τεχνών εις την Γαλλίαν.
ΠΑΡΙΣΙΟΙ, 7. (Ιδ. υπηρ.).— Προφητική εκρήξις, απεκάλεσε ο Άντρέ Μαλρώ την νέαν άνθησιν των γραμμάτων και των τεχνών εις την Γαλλίαν.
ΠΑΡΙΣΙΟΙ, 7. (Ιδ. υπηρ.).— Προφητική εκρήξις, απεκάλεσε ο Άντρέ Μαλρώ την νέαν άνθησιν των γραμμάτων και των τεχνών εις την Γαλλίαν.
ΠΑΡΙΣΙΟΙ, 7. (Ιδ. υπηρ.).— Προφητική εκρήξις, απεκάλεσε ο Άντρέ Μαλρώ την νέαν άνθησιν των γραμμάτων και των τεχνών εις την Γαλλίαν.
ΠΑΡΙΣΙΟΙ, 7. (Ιδ. υπηρ.).— Προφητική εκρήξις, απεκάλεσε ο Άντρέ Μαλρώ την νέαν άνθησιν των γραμμάτων και των τεχνών εις την Γαλλίαν.
ΠΑΡΙΣΙΟΙ, 7. (Ιδ. υπηρ.).— Προφητική εκρήξις, απεκάλεσε ο Άντρέ Μαλρώ την νέαν άνθησιν των γραμμάτων και των τεχνών εις την Γαλλίαν.
ΠΑΡΙΣΙΟΙ, 7. (Ιδ. υπηρ.).— Προφητική εκρήξις, απεκάλεσε ο Άντρέ Μαλρώ την νέαν άνθησιν των γραμμάτων και των τεχνών εις την Γαλλίαν.
ΠΑΡΙΣΙΟΙ, 7. (Ιδ. υπηρ.).— Προφητική εκρήξις, απεκάλεσε ο Άντρέ Μαλρώ την νέαν άνθησιν των γραμμάτων και των τεχνών εις την Γαλλίαν.
ΠΑΡΙΣΙΟΙ, 7. (Ιδ. υπηρ.).— Προφητική εκρήξις, απεκάλεσε ο Άντρέ Μαλρώ την νέαν άνθησιν των γραμμάτων και των τεχνών εις την Γαλλίαν.
ΠΑΡΙΣΙΟΙ, 7. (Ιδ. υπηρ.).— Προφητική εκρήξις, απεκάλεσε ο Άντρέ Μαλρώ την νέαν άνθησιν των γραμμάτων και των τεχνών εις την Γαλλίαν.
ΠΑΡΙΣΙΟΙ, 7. (Ιδ. υπηρ.).— Προφητική εκρήξις, απεκάλεσε ο Άντρέ Μαλρώ την νέαν άνθησιν των γραμμάτων και των τεχνών εις την Γαλλίαν.
ΠΑΡΙΣΙΟΙ, 7. (Ιδ. υπηρ.).— Προφητική εκρήξις, απεκάλεσε ο Άντρέ Μαλρώ την νέαν άνθησιν των γραμμάτων και των τεχνών εις την Γαλλίαν.
ΠΑΡΙΣΙΟΙ, 7. (Ιδ. υπηρ.).— Προφητική εκρήξις, απεκάλεσε ο Άντρέ Μαλρώ την νέαν άνθησιν των γραμμάτων και των τεχνών εις την Γαλλίαν.
Η ΠΟΙΝΗ ΤΟΥ ΘΑΝΑΤΟΥ ΘΑ ΕΠΙΒΑΛΛΕΤΑΙ ΕΙΣ ΡΟΔΕΣΙΑΝ ΕΙΣ ΤΟΥΣ ΚΑΤΕΧΟΝΤΑΣ ΠΑΡΑΝΟΜΩΣ ΠΟΛΕΜΙΚΑ ΟΠΛΑ
ΣΑΛΙΣΜΠΕΡΥ, 7. (Ρόυτερ).— Νέον νόμον υπέβαλεν η κυβέρνησις δια την επιβολήν της θανατικής ποινής.
ΣΑΛΙΣΜΠΕΡΥ, 7. (Ρόυτερ).— Νέον νόμον υπέβαλεν η κυβέρνησις δια την επιβολήν της θανατικής ποινής.
ΣΑΛΙΣΜΠΕΡΥ, 7. (Ρόυτερ).— Νέον νόμον υπέβαλεν η κυβέρνησις δια την επιβολήν της θανατικής ποινής.
ΣΑΛΙΣΜΠΕΡΥ, 7. (Ρόυτερ).— Νέον νόμον υπέβαλεν η κυβέρνησις δια την επιβολήν της θανατικής ποινής.
ΤΡΕΙΣ ΚΙΝΕΖΟΙ ΚΟΜΜΟΥΝΙΣΤΑΙ ΕΦΟΝΕΥΘΗΣΑΝ ΕΙΣ ΤΑ ΣΥΝΟΡΑ ΜΑΛΑΙΣΙΑΣ ΚΑΙ ΙΝΔΟΝΗΣΙΑΣ
ΚΑΤΣΙΝΓ, Μαλαισία, 7. (Ασ. Πρές).— Τρεις Κινέζοι κομμουνισταί εφονεύθησαν εις συμπλοκήν.
ΚΑΤΣΙΝΓ, Μαλαισία, 7. (Ασ. Πρές).— Τρεις Κινέζοι κομμουνισταί εφονεύθησαν εις συμπλοκήν.
Ο ΟΥΓΓΑΣΩΝ ΓΥΜΝΟΣ ΕΙΣ ΔΙΑΦΗΜΙΣΙΝ ΦΩΝΗΤΙΚΟΥ ΣΥΓΚΡΟΤΗΜΑΤΟΣ
ΥΠΕΒΑΛΕ ΜΗΝΥΣΙΝ ΚΑΤΑ ΤΩΝ ΔΡΑΣΤΩΝ
ΛΟΝΔΙΝΟΝ, 7. (Ημερ. Τύπος).— Ο ηθοποιός υπέβαλε μήνυσιν κατά της εταιρείας δίσκων.
ΛΟΝΔΙΝΟΝ, 7. (Ημερ. Τύπος).— Ο ηθοποιός υπέβαλε μήνυσιν κατά της εταιρείας δίσκων.
ΛΟΝΔΙΝΟΝ, 7. (Ημερ. Τύπος).— Ο ηθοποιός υπέβαλε μήνυσιν κατά της εταιρείας δίσκων.
ΠΑΡΑΠΟΝΑ ΠΡΟΚΑΛΕΙ Η ΑΥΞΗΣΙΣ ΤΗΣ ΤΙΜΗΣ ΕΙΣ ΤΟ «ΠΑΡΚΙΝΓ» ΠΛΑΤΕΙΑΣ ΕΛΕΥΘΕΡΙΑΣ
Πολλαί κατεγράφησαν διαμαρτυρίαι δια την αύξησιν του τέλους σταθμεύσεως.
Πολλαί κατεγράφησαν διαμαρτυρίαι δια την αύξησιν του τέλους σταθμεύσεως.
Πολλαί κατεγράφησαν διαμαρτυρίαι δια την αύξησιν του τέλους σταθμεύσεως.
Πολλαί κατεγράφησαν διαμαρτυρίαι δια την αύξησιν του τέλους σταθμεύσεως.
ΕΝΤΟΝΟΣ ΔΙΑΜΑΡΤΥΡΙΑ ΤΟΥ ΠΕΚΙΝΟΥ ΠΡΟΣ ΤΗΝ ΜΟΓΓΟΛΙΑΝ
ΠΕΚΙΝΟΝ, 7. (Ρόυτερ).— Η Κίνα υπέβαλε διαμαρτυρίαν προς την Μογγολίαν.
ΠΕΚΙΝΟΝ, 7. (Ρόυτερ).— Η Κίνα υπέβαλε διαμαρτυρίαν προς την Μογγολίαν.
ΠΕΚΙΝΟΝ, 7. (Ρόυτερ).— Η Κίνα υπέβαλε διαμαρτυρίαν προς την Μογγολίαν.
Ο ΒΕΛΓΟΣ ΥΠΟΥΡΓΟΣ ΕΞΩΤΕΡΙΚΩΝ ΕΙΣ ΒΕΛΙΓΡΑΔΙΟΝ
ΒΕΛΙΓΡΑΔΙΟΝ, 7. (Ρόυτερ).— Ο Βέλγος υπουργός των Εξωτερικών αφίκετο εις την πρωτεύουσαν.
ΒΕΛΙΓΡΑΔΙΟΝ, 7. (Ρόυτερ).— Ο Βέλγος υπουργός των Εξωτερικών αφίκετο εις την πρωτεύουσαν.
ΒΕΛΙΓΡΑΔΙΟΝ, 7. (Ρόυτερ).— Ο Βέλγος υπουργός των Εξωτερικών αφίκετο εις την πρωτεύουσαν.
ΙΟΡΔΑΝΙΚΗ ΑΠΟΣΤΟΛΗ ΕΙΣ ΤΗΝ ΔΙΑΣΚΕΨΙΝ ΤΗΣ ΓΕΝΕΥΗΣ
ΑΜΜΑΝ, 7. (Ρόυτερ).— Αντιπροσωπεία της Ιορδανίας θα μεταβή εις την Γενεύην.
ΑΜΜΑΝ, 7. (Ρόυτερ).— Αντιπροσωπεία της Ιορδανίας θα μεταβή εις την Γενεύην.
ΑΜΜΑΝ, 7. (Ρόυτερ).— Αντιπροσωπεία της Ιορδανίας θα μεταβή εις την Γενεύην.
Ο ΚΑΡΜΙΚΑΕΛ ΜΕΤΕΒΗ ΕΙΣ ΑΛΓΕΡΙΑΝ
ΑΛΓΕΡΙΟΝ, 7. (Ρόυτερ).— Ο ηγέτης αφίκετο χθες εις την Αλγερίαν.
ΑΛΓΕΡΙΟΝ, 7. (Ρόυτερ).— Ο ηγέτης αφίκετο χθες εις την Αλγερίαν.
ΑΛΓΕΡΙΟΝ, 7. (Ρόυτερ).— Ο ηγέτης αφίκετο χθες εις την Αλγερίαν.
Ο ΠΑΠΑΣ ΕΠΕΣΤΡΕΨΕ ΜΕ ΠΥΡΕΤΟΝ ΕΙΣ ΤΟ ΒΑΤΙΚΑΝΟΝ
ΒΑΤΙΚΑΝΟΝ, 7. (Ρόυτερ).— Ο Πάπας επέστρεψε με ελαφρόν πυρετόν.
ΒΑΤΙΚΑΝΟΝ, 7. (Ρόυτερ).— Ο Πάπας επέστρεψε με ελαφρόν πυρετόν.
Η ΑΝΝΑ ΑΝΤΕΡΣΟΝ ΕΙΣ ΤΟ ΠΑΡΙΣΙ
ΠΑΡΙΣΙΟΙ, 7. (Ημερ. Τύπος).— Η γνωστή ηθοποιός αφίκετο εις το Παρίσι.
ΠΑΡΙΣΙΟΙ, 7. (Ημερ. Τύπος).— Η γνωστή ηθοποιός αφίκετο εις το Παρίσι.
ΑΝΗΡΡΩΝΕΝ Ο κ. ΣΡΑΪΝΤΕΡ
ΑΝΘΟΥΓΓΕΣ, 7. (Ημερ. Τύπος).— Ο γνωστός συγγραφεύς ανέρρωσε πλήρως.
ΑΝΘΟΥΓΓΕΣ, 7. (Ημερ. Τύπος).— Ο γνωστός συγγραφεύς ανέρρωσε πλήρως.
Σελίς 5
ΕΙΣ ΣΥΝΤΟΜΟΝ ΧΡΟΝΙΚΟΝ ΔΙΑΣΤΗΜΑ
Η Γιουγκοσλαβία άντικαθιστά τά παλαιά άμερικανικά όπλα μέ νέα ρωσσικής κατασκευής
ΘΑ ΠΡΟΜΗΘΕΥΘΗ ΚΥΡΙΩΣ ΑΡΜΑΤΑ ΚΑΙ ΜΑΧΗΤΙΚΑ ΑΕΡΟΠΛΑΝΑ «ΜΙΓΚ»
ΒΕΛΙΓΡΑΔΙΟΝ, 7. (Ημερ. Τύπος).— Η Γιουγκοσλαβία διαπραγματεύεται δια την προμήθειαν μεγάλων ποσοτήτων νέων οπλών από την Σοβιετικήν Ένωσιν.
ΒΕΛΙΓΡΑΔΙΟΝ, 7. (Ημερ. Τύπος).— Η Γιουγκοσλαβία διαπραγματεύεται δια την προμήθειαν μεγάλων ποσοτήτων νέων οπλών από την Σοβιετικήν Ένωσιν.
ΒΕΛΙΓΡΑΔΙΟΝ, 7. (Ημερ. Τύπος).— Η Γιουγκοσλαβία διαπραγματεύεται δια την προμήθειαν μεγάλων ποσοτήτων νέων οπλών από την Σοβιετικήν Ένωσιν.
ΒΕΛΙΓΡΑΔΙΟΝ, 7. (Ημερ. Τύπος).— Η Γιουγκοσλαβία διαπραγματεύεται δια την προμήθειαν μεγάλων ποσοτήτων νέων οπλών από την Σοβιετικήν Ένωσιν.
ΒΕΛΙΓΡΑΔΙΟΝ, 7. (Ημερ. Τύπος).— Η Γιουγκοσλαβία διαπραγματεύεται δια την προμήθειαν μεγάλων ποσοτήτων νέων οπλών από την Σοβιετικήν Ένωσιν.
ΒΕΛΙΓΡΑΔΙΟΝ, 7. (Ημερ. Τύπος).— Η Γιουγκοσλαβία διαπραγματεύεται δια την προμήθειαν μεγάλων ποσοτήτων νέων οπλών από την Σοβιετικήν Ένωσιν.
ΒΕΛΙΓΡΑΔΙΟΝ, 7. (Ημερ. Τύπος).— Η Γιουγκοσλαβία διαπραγματεύεται δια την προμήθειαν μεγάλων ποσοτήτων νέων οπλών από την Σοβιετικήν Ένωσιν.
Ο ΚΑΛΛΙ ΘΕΩΡΕΙ ΑΣΚΟΠΟΝ ΤΟΝ ΑΓΩΝΑ ΤΩΝ ΝΕΓΡΩΝ ΚΑΤΑ ΤΩΝ ΛΕΥΚΩΝ
ΠΡΟΤΕΙΝΕΙ ΠΛΗΡΗ ΔΙΑΧΩΡΙΣΜΟΝ ΦΥΛΩΝ
ΛΙΟΥ ΚΕΥΒΕΝ, Κουβέιτ, 7.— Ο πυγμάχος δήλωσεν ότι ο αγών είναι άσκοπος.
ΛΙΟΥ ΚΕΥΒΕΝ, Κουβέιτ, 7.— Ο πυγμάχος δήλωσεν ότι ο αγών είναι άσκοπος.
ΛΙΟΥ ΚΕΥΒΕΝ, Κουβέιτ, 7.— Ο πυγμάχος δήλωσεν ότι ο αγών είναι άσκοπος.
Ο ΒΑΣΙΛΕΥΣ ΙΝΤΡΙΣ ΕΙΣ ΘΕΡΑΠΕΙΑΝ
ΠΡΟΥΣΑ, 7. (Ρόυτερ).— Ο βασιλεύς της Λιβύης ευρίσκεται εις θεραπείαν.
ΠΡΟΥΣΑ, 7. (Ρόυτερ).— Ο βασιλεύς της Λιβύης ευρίσκεται εις θεραπείαν.
ΠΑΡΑ ΤΑ ΜΕΤΡΑ ΛΙΤΟΤΗΤΟΣ
Η κυβέρνησις Ούϊλσων πρό δυσχερειών λόγω τού οίκονομικού
ΑΝΤΙΜΕΤΩΠΙΖΕΙ ΚΟΙΝΗΝ ΕΠΙΘΕΣΙΝ ΕΡΓΑΤΙΚΩΝ ΚΑΙ ΑΝΤΙΠΟΛΙΤΕΥΣΕΩΣ
ΛΟΝΔΙΝΟΝ, 7. (Ασ. Πρές).— Το κατακόρυφον της κρίσεως δια την κυβέρνησιν του Εργατικού Κόμματος.
ΛΟΝΔΙΝΟΝ, 7. (Ασ. Πρές).— Το κατακόρυφον της κρίσεως δια την κυβέρνησιν του Εργατικού Κόμματος.
ΛΟΝΔΙΝΟΝ, 7. (Ασ. Πρές).— Το κατακόρυφον της κρίσεως δια την κυβέρνησιν του Εργατικού Κόμματος.
ΛΟΝΔΙΝΟΝ, 7. (Ασ. Πρές).— Το κατακόρυφον της κρίσεως δια την κυβέρνησιν του Εργατικού Κόμματος.
ΛΟΝΔΙΝΟΝ, 7. (Ασ. Πρές).— Το κατακόρυφον της κρίσεως δια την κυβέρνησιν του Εργατικού Κόμματος.
ΛΟΝΔΙΝΟΝ, 7. (Ασ. Πρές).— Το κατακόρυφον της κρίσεως δια την κυβέρνησιν του Εργατικού Κόμματος.
ΛΟΝΔΙΝΟΝ, 7. (Ασ. Πρές).— Το κατακόρυφον της κρίσεως δια την κυβέρνησιν του Εργατικού Κόμματος.
ΛΟΝΔΙΝΟΝ, 7. (Ασ. Πρές).— Το κατακόρυφον της κρίσεως δια την κυβέρνησιν του Εργατικού Κόμματος.
ΝΕΑ ΕΛΠΙΣ ΔΙΑ ΤΟΥΣ ΥΠΟΣΙΤΙΖΟΜΕΝΟΥΣ
Αύξησις τών άγαθών διατροφής δι' έπιτυχούς μεταλλαγής βασικών χονιδίων τών φυτών
Ο ΑΝΘΡΩΠΟΣ ΕΠΕΜΒΑΙΝΕΙ ΕΙΣ ΤΟΝ ΜΗΧΑΝΙΣΜΟΝ ΑΝΑΠΤΥΞΕΩΣ ΤΟΥ ΦΥΤΙΚΟΥ ΚΟΣΜΟΥ.— Η ΑΦΘΟΝΙΑ ΠΡΩΤΕΪΝΩΝ
ΝΕΑ ΥΟΡΚΗ, 7. (Ιδ. Υπηρ.).— Αι επιστημονικαί έρευναι απέδωσαν αποτελέσματα εις τον τομέα της γενετικής.
ΝΕΑ ΥΟΡΚΗ, 7. (Ιδ. Υπηρ.).— Αι επιστημονικαί έρευναι απέδωσαν αποτελέσματα εις τον τομέα της γενετικής.
ΝΕΑ ΥΟΡΚΗ, 7. (Ιδ. Υπηρ.).— Αι επιστημονικαί έρευναι απέδωσαν αποτελέσματα εις τον τομέα της γενετικής.
ΝΕΑ ΥΟΡΚΗ, 7. (Ιδ. Υπηρ.).— Αι επιστημονικαί έρευναι απέδωσαν αποτελέσματα εις τον τομέα της γενετικής.
ΝΕΑ ΥΟΡΚΗ, 7. (Ιδ. Υπηρ.).— Αι επιστημονικαί έρευναι απέδωσαν αποτελέσματα εις τον τομέα της γενετικής.
ΝΕΑ ΥΟΡΚΗ, 7. (Ιδ. Υπηρ.).— Αι επιστημονικαί έρευναι απέδωσαν αποτελέσματα εις τον τομέα της γενετικής.
ΝΕΑ ΥΟΡΚΗ, 7. (Ιδ. Υπηρ.).— Αι επιστημονικαί έρευναι απέδωσαν αποτελέσματα εις τον τομέα της γενετικής.
ΝΕΑ ΥΟΡΚΗ, 7. (Ιδ. Υπηρ.).— Αι επιστημονικαί έρευναι απέδωσαν αποτελέσματα εις τον τομέα της γενετικής.
ΝΕΑ ΥΟΡΚΗ, 7. (Ιδ. Υπηρ.).— Αι επιστημονικαί έρευναι απέδωσαν αποτελέσματα εις τον τομέα της γενετικής.
ΝΕΑ ΥΟΡΚΗ, 7. (Ιδ. Υπηρ.).— Αι επιστημονικαί έρευναι απέδωσαν αποτελέσματα εις τον τομέα της γενετικής.
ΛΟΓΩ ΒΛΑΒΗΣ ΕΝΟΣ ΔΙΑΚΟΠΤΟΥ
Ανεβλήθη ή έκτόξευσις τής άποικίας ζωϋφίων
ΣΚΑΘΑΡΙΑ, ΑΥΓΑ ΒΑΤΡΑΧΩΝ, ΚΟΥΝΟΥΠΙΑ, ΙΟΙ ΚΑΙ ΦΥΤΑ ΑΝΑΜΕΝΟΥΝ ΚΑΡΤΕΡΙΚΩΣ ΕΝΤΟΣ ΤΟΥ ΔΙΑΣΤΗΜΟΠΛΟΙΟΥ
ΑΚΡΩΤΗΡΙΟΝ ΚΕΝΝΕΝΤΥ, 7. (Ρόυτερ).— Η εκτόξευσις του δορυφόρου ανεβλήθη λόγω βλάβης.
ΑΚΡΩΤΗΡΙΟΝ ΚΕΝΝΕΝΤΥ, 7. (Ρόυτερ).— Η εκτόξευσις του δορυφόρου ανεβλήθη λόγω βλάβης.
ΑΚΡΩΤΗΡΙΟΝ ΚΕΝΝΕΝΤΥ, 7. (Ρόυτερ).— Η εκτόξευσις του δορυφόρου ανεβλήθη λόγω βλάβης.
ΑΚΡΩΤΗΡΙΟΝ ΚΕΝΝΕΝΤΥ, 7. (Ρόυτερ).— Η εκτόξευσις του δορυφόρου ανεβλήθη λόγω βλάβης.
ΑΚΡΩΤΗΡΙΟΝ ΚΕΝΝΕΝΤΥ, 7. (Ρόυτερ).— Η εκτόξευσις του δορυφόρου ανεβλήθη λόγω βλάβης.
ΑΚΡΩΤΗΡΙΟΝ ΚΕΝΝΕΝΤΥ, 7. (Ρόυτερ).— Η εκτόξευσις του δορυφόρου ανεβλήθη λόγω βλάβης.
Η ΑΚΤΗ ΤΟΥ ΕΛΕΦΑΝΤΟΣΤΟΥ ΑΡΝΕΙΤΑΙ ΝΑ ΑΠΕΛΕΥΘΕΡΩΣΗ ΠΑΡΑ ΤΑΣ ΠΡΟΣΠΑΘΕΙΑΣ ΤΟΥ κ. ΘΑΝΤ ΤΟΥΣ ΔΥΟ ΚΡΑΤΟΥΜΕΝΟΥΣ ΔΙΠΛΩΜΑΤΑΣ ΤΗΣ ΓΟΥΪΝΕΑΣ
ΗΝΩΜΕΝΑ ΕΘΝΗ, 7. (Ρόυτερ).— Ο γενικός γραμματεύς κατέβαλε προσπαθείας δια την απελευθέρωσιν.
ΗΝΩΜΕΝΑ ΕΘΝΗ, 7. (Ρόυτερ).— Ο γενικός γραμματεύς κατέβαλε προσπαθείας δια την απελευθέρωσιν.
ΗΝΩΜΕΝΑ ΕΘΝΗ, 7. (Ρόυτερ).— Ο γενικός γραμματεύς κατέβαλε προσπαθείας δια την απελευθέρωσιν.
ΗΝΩΜΕΝΑ ΕΘΝΗ, 7. (Ρόυτερ).— Ο γενικός γραμματεύς κατέβαλε προσπαθείας δια την απελευθέρωσιν.
ΗΝΩΜΕΝΑ ΕΘΝΗ, 7. (Ρόυτερ).— Ο γενικός γραμματεύς κατέβαλε προσπαθείας δια την απελευθέρωσιν.
ΗΝΩΜΕΝΑ ΕΘΝΗ, 7. (Ρόυτερ).— Ο γενικός γραμματεύς κατέβαλε προσπαθείας δια την απελευθέρωσιν.
ΠΕΡΟΝΟΦΟΡΑ
ΟΧΗΜΑΤΑ
ALLIS-CHALMERS
ΠΕΤΡΕΛΑΙΟΚΙΝΗΤΑ
ΒΕΝΖΙΝΟΚΙΝΗΤΑ
ΥΓΡΑΕΡΙΟΚΙΝΗΤΑ
ΗΛΕΚΤΡΟΚΙΝΗΤΑ
A
ALLIS-CHALMERS
ΤΑΧΕΙΑ ΠΑΡΑΔΟΣΙΣ
ΠΛΟΥΣΙΑ ΠΑΡΑΚΑΤ. ΑΝΤΑΛΛΑΚΤΙΚΩΝ
ΠΡΟΤΥΠΑ ΣΥΝΕΡΓΕΙΑ ΣΥΝΤΗΡΗΣΕΩΣ
ΤΙΜΑΙ ΑΣΥΝΑΓΩΝΙΣΤΟΙ
ΕΥΚΟΛΙΑΙ ΠΛΗΡΩΜΗΣ
ΑΝΤΙΠΡΟΣΩΠΕΙΑ ΕΛΛΑΔΟΣ
ΒΙΑΜΑΞ Α.Ε.
